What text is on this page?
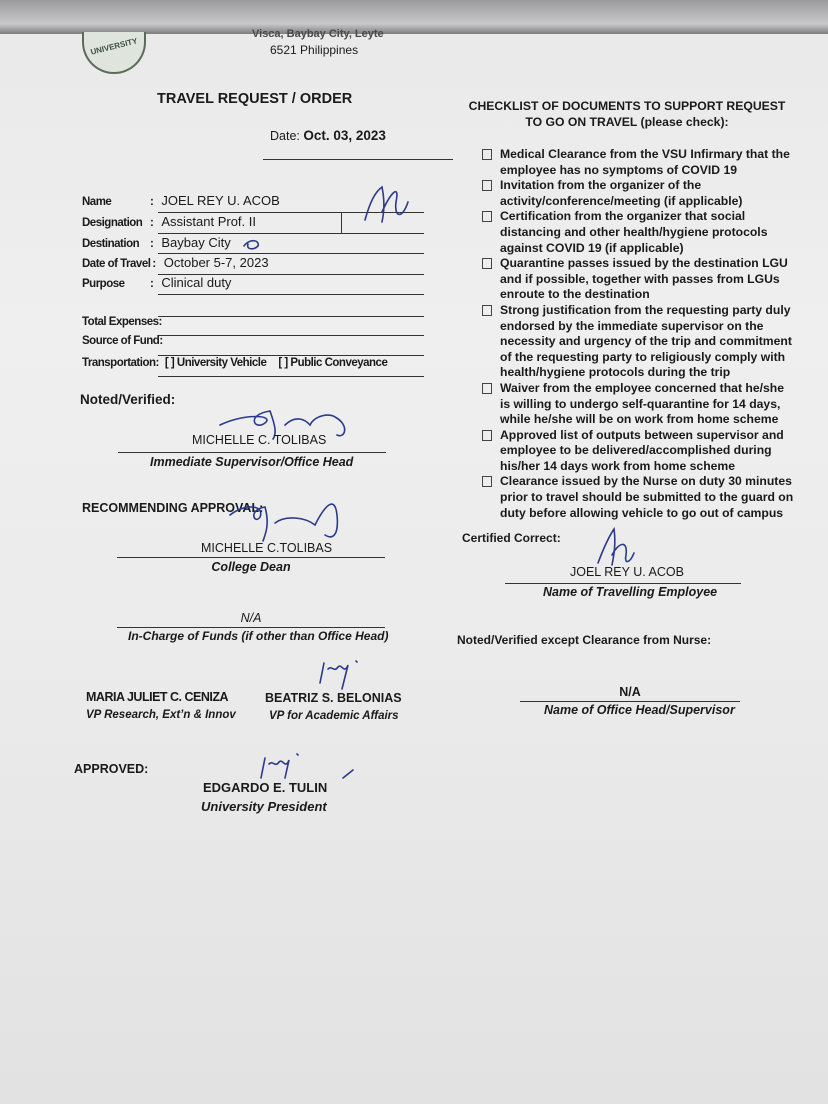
UNIVERSITY
Visca, Baybay City, Leyte
6521 Philippines
TRAVEL REQUEST / ORDER
Date: Oct. 03, 2023
Name	: JOEL REY U. ACOB
Designation : Assistant Prof. II
Destination : Baybay City
Date of Travel : October 5-7, 2023
Purpose	: Clinical duty
Total Expenses:
Source of Fund:
Transportation: [ ] University Vehicle [ ] Public Conveyance
Noted/Verified:
MICHELLE C. TOLIBAS
Immediate Supervisor/Office Head
RECOMMENDING APPROVAL:
MICHELLE C.TOLIBAS
College Dean
N/A
In-Charge of Funds (if other than Office Head)
MARIA JULIET C. CENIZA
VP Research, Ext’n & Innov
BEATRIZ S. BELONIAS
VP for Academic Affairs
APPROVED:
EDGARDO E. TULIN
University President
CHECKLIST OF DOCUMENTS TO SUPPORT REQUEST
TO GO ON TRAVEL (please check):
Medical Clearance from the VSU Infirmary that the employee has no symptoms of COVID 19
Invitation from the organizer of the activity/conference/meeting (if applicable)
Certification from the organizer that social distancing and other health/hygiene protocols against COVID 19 (if applicable)
Quarantine passes issued by the destination LGU and if possible, together with passes from LGUs enroute to the destination
Strong justification from the requesting party duly endorsed by the immediate supervisor on the necessity and urgency of the trip and commitment of the requesting party to religiously comply with health/hygiene protocols during the trip
Waiver from the employee concerned that he/she is willing to undergo self-quarantine for 14 days, while he/she will be on work from home scheme
Approved list of outputs between supervisor and employee to be delivered/accomplished during his/her 14 days work from home scheme
Clearance issued by the Nurse on duty 30 minutes prior to travel should be submitted to the guard on duty before allowing vehicle to go out of campus
Certified Correct:
JOEL REY U. ACOB
Name of Travelling Employee
Noted/Verified except Clearance from Nurse:
N/A
Name of Office Head/Supervisor
